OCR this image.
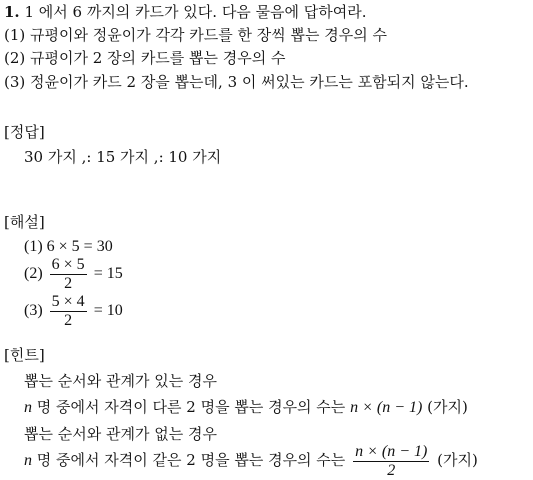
1. 1 에서 6 까지의 카드가 있다. 다음 물음에 답하여라.
(1) 규평이와 정윤이가 각각 카드를 한 장씩 뽑는 경우의 수
(2) 규평이가 2 장의 카드를 뽑는 경우의 수
(3) 정윤이가 카드 2 장을 뽑는데, 3 이 써있는 카드는 포함되지 않는다.
[정답]
30 가지 ,: 15 가지 ,: 10 가지
[해설]
(1) 6 × 5 = 30
$(2) \frac{6 \times 5}{2} = 15$
$(3) \frac{5 \times 4}{2} = 10$
[힌트]
뽑는 순서와 관계가 있는 경우
n 명 중에서 자격이 다른 2 명을 뽑는 경우의 수는 n × (n − 1) (가지)
뽑는 순서와 관계가 없는 경우
n 명 중에서 자격이 같은 2 명을 뽑는 경우의 수는 $\frac{n \times (n - 1)}{2}$ (가지)
